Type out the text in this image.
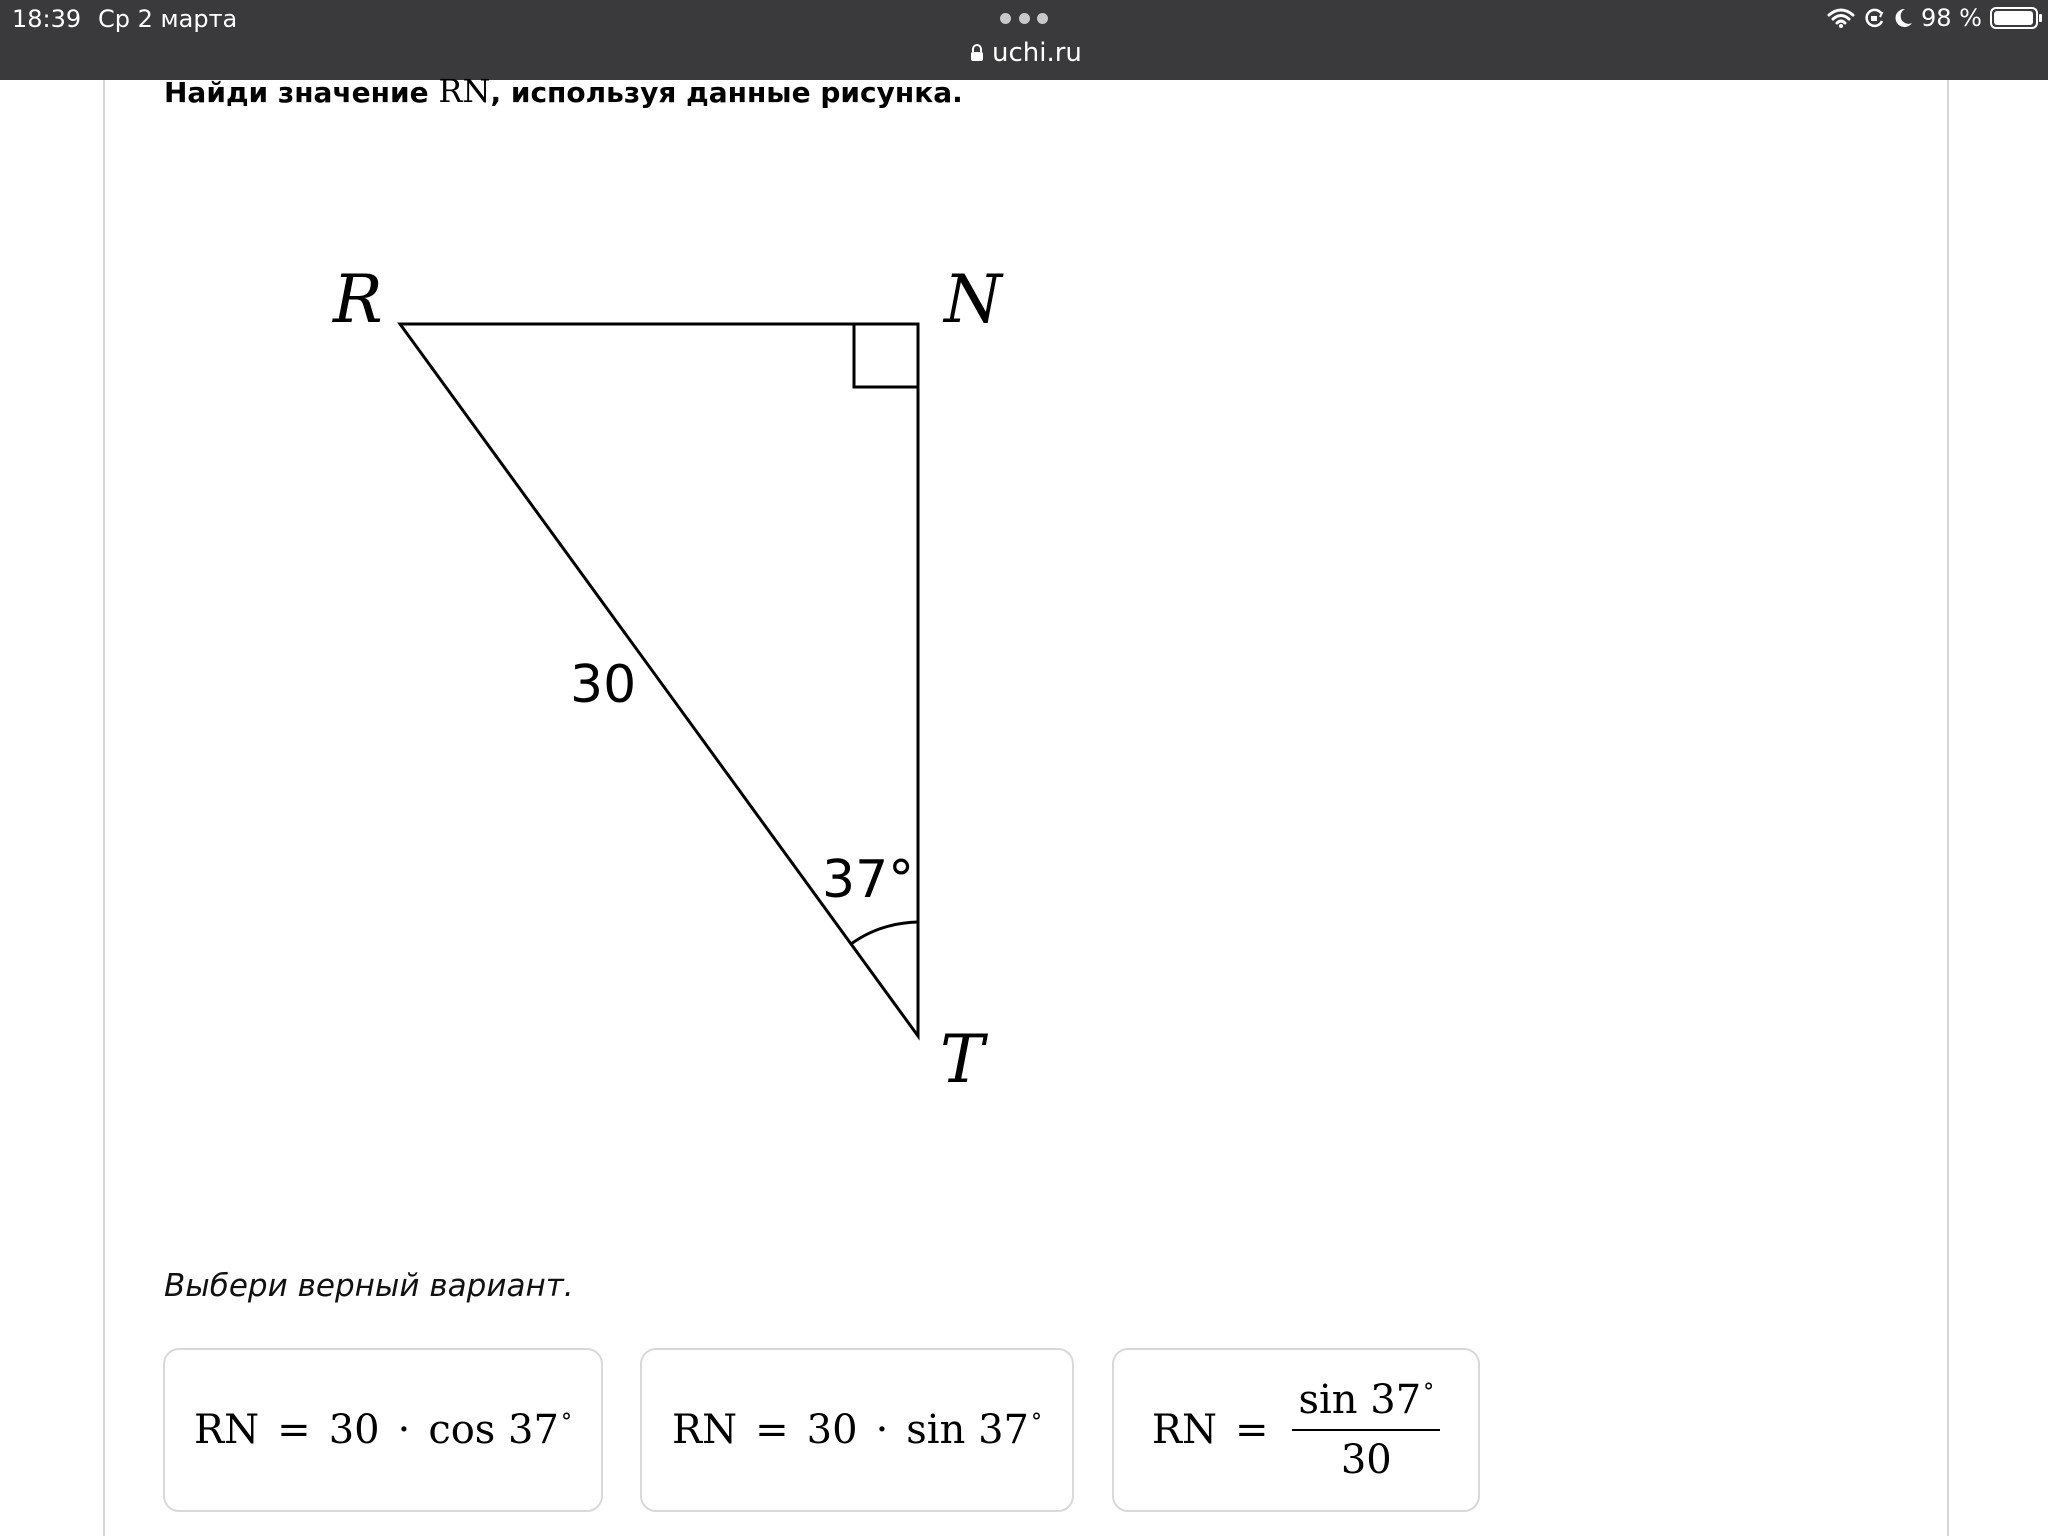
18:39 Ср 2 марта
uchi.ru
98 %
Найди значение RN, используя данные рисунка.
R	N
T
30
37°
Выбери верный вариант.
RN = 30 · cos 37°	RN = 30 · sin 37°	RN = $\frac{\sin 37^\circ}{30}$
